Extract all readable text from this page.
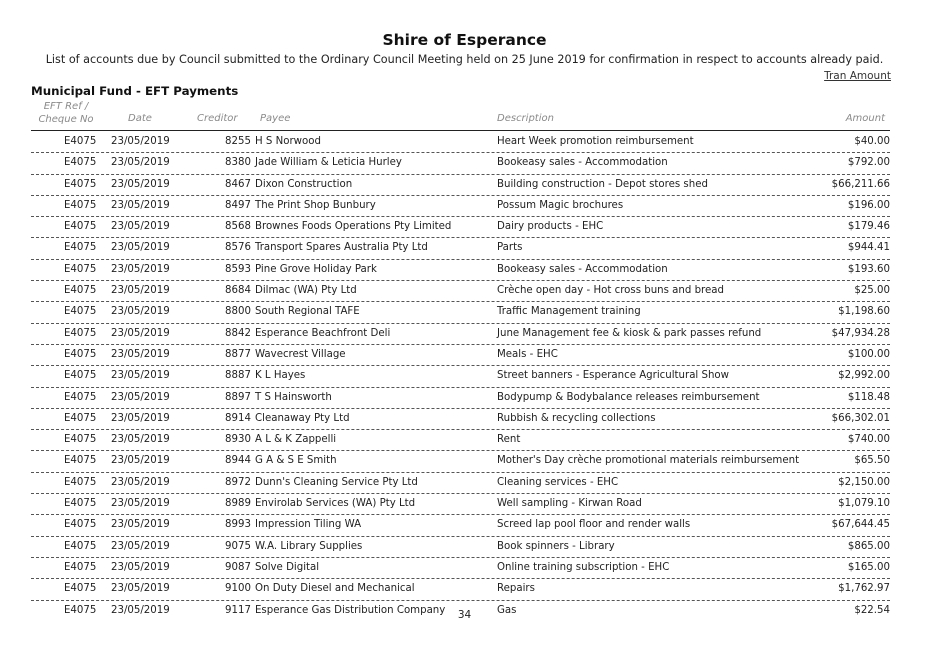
Shire of Esperance
List of accounts due by Council submitted to the Ordinary Council Meeting held on 25 June 2019 for confirmation in respect to accounts already paid.
Tran Amount
Municipal Fund - EFT Payments
EFT Ref / Cheque No	Date	Creditor Payee	Description	Amount
E4075 23/05/2019	8255 H S Norwood	Heart Week promotion reimbursement	$40.00
E4075 23/05/2019	8380 Jade William & Leticia Hurley	Bookeasy sales - Accommodation	$792.00
E4075 23/05/2019	8467 Dixon Construction	Building construction - Depot stores shed	$66,211.66
E4075 23/05/2019	8497 The Print Shop Bunbury	Possum Magic brochures	$196.00
E4075 23/05/2019	8568 Brownes Foods Operations Pty Limited	Dairy products - EHC	$179.46
E4075 23/05/2019	8576 Transport Spares Australia Pty Ltd	Parts	$944.41
E4075 23/05/2019	8593 Pine Grove Holiday Park	Bookeasy sales - Accommodation	$193.60
E4075 23/05/2019	8684 Dilmac (WA) Pty Ltd	Crèche open day - Hot cross buns and bread	$25.00
E4075 23/05/2019	8800 South Regional TAFE	Traffic Management training	$1,198.60
E4075 23/05/2019	8842 Esperance Beachfront Deli	June Management fee & kiosk & park passes refund	$47,934.28
E4075 23/05/2019	8877 Wavecrest Village	Meals - EHC	$100.00
E4075 23/05/2019	8887 K L Hayes	Street banners - Esperance Agricultural Show	$2,992.00
E4075 23/05/2019	8897 T S Hainsworth	Bodypump & Bodybalance releases reimbursement	$118.48
E4075 23/05/2019	8914 Cleanaway Pty Ltd	Rubbish & recycling collections	$66,302.01
E4075 23/05/2019	8930 A L & K Zappelli	Rent	$740.00
E4075 23/05/2019	8944 G A & S E Smith	Mother's Day crèche promotional materials reimbursement	$65.50
E4075 23/05/2019	8972 Dunn's Cleaning Service Pty Ltd	Cleaning services - EHC	$2,150.00
E4075 23/05/2019	8989 Envirolab Services (WA) Pty Ltd	Well sampling - Kirwan Road	$1,079.10
E4075 23/05/2019	8993 Impression Tiling WA	Screed lap pool floor and render walls	$67,644.45
E4075 23/05/2019	9075 W.A. Library Supplies	Book spinners - Library	$865.00
E4075 23/05/2019	9087 Solve Digital	Online training subscription - EHC	$165.00
E4075 23/05/2019	9100 On Duty Diesel and Mechanical	Repairs	$1,762.97
E4075 23/05/2019	9117 Esperance Gas Distribution Company	Gas	$22.54
34
